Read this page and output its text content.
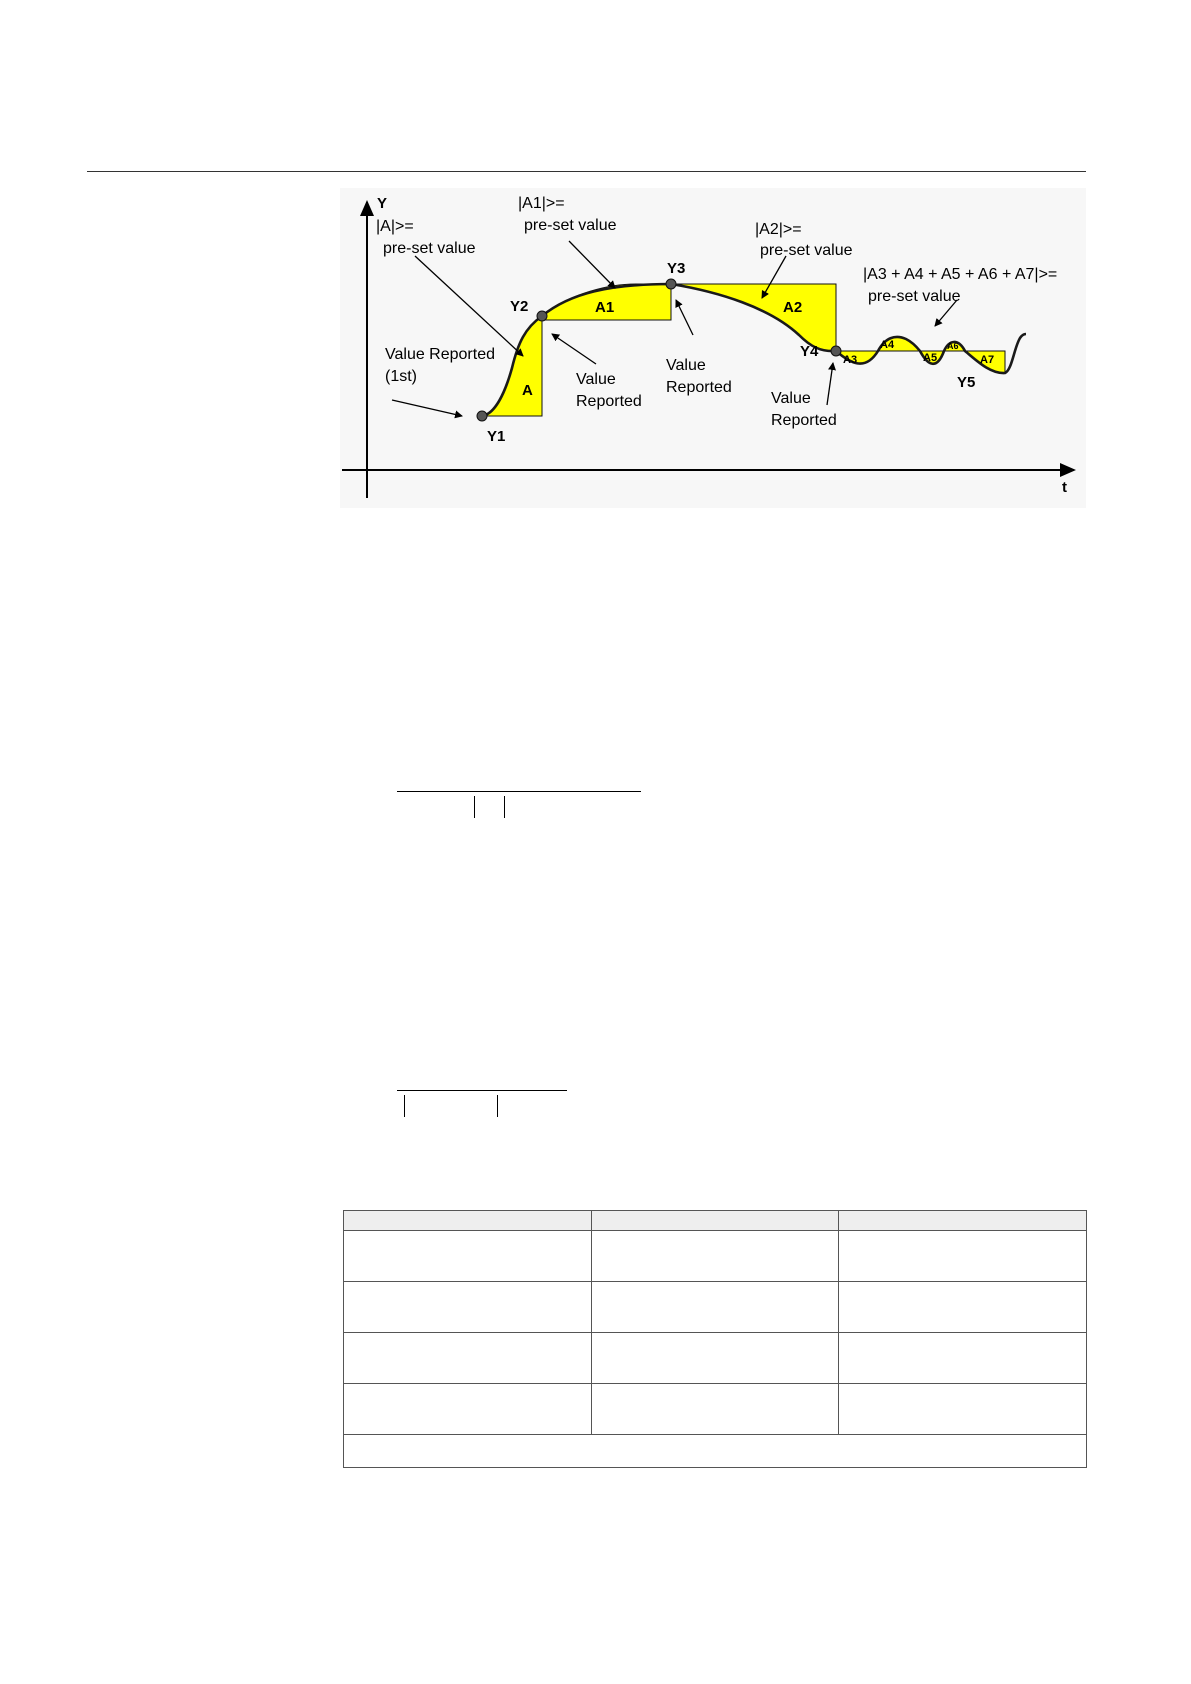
Y
t
Y1
Y2
Y3
Y4
Y5
A
A1	A2
A3
A4
A5
A6
A7
|A|>=
pre-set value
|A1|>=
pre-set value	|A2|>=
pre-set value
|A3 + A4 + A5 + A6 + A7|>=
pre-set value
Value Reported
(1st)	Value
Reported
Value
Reported
Value
Reported
